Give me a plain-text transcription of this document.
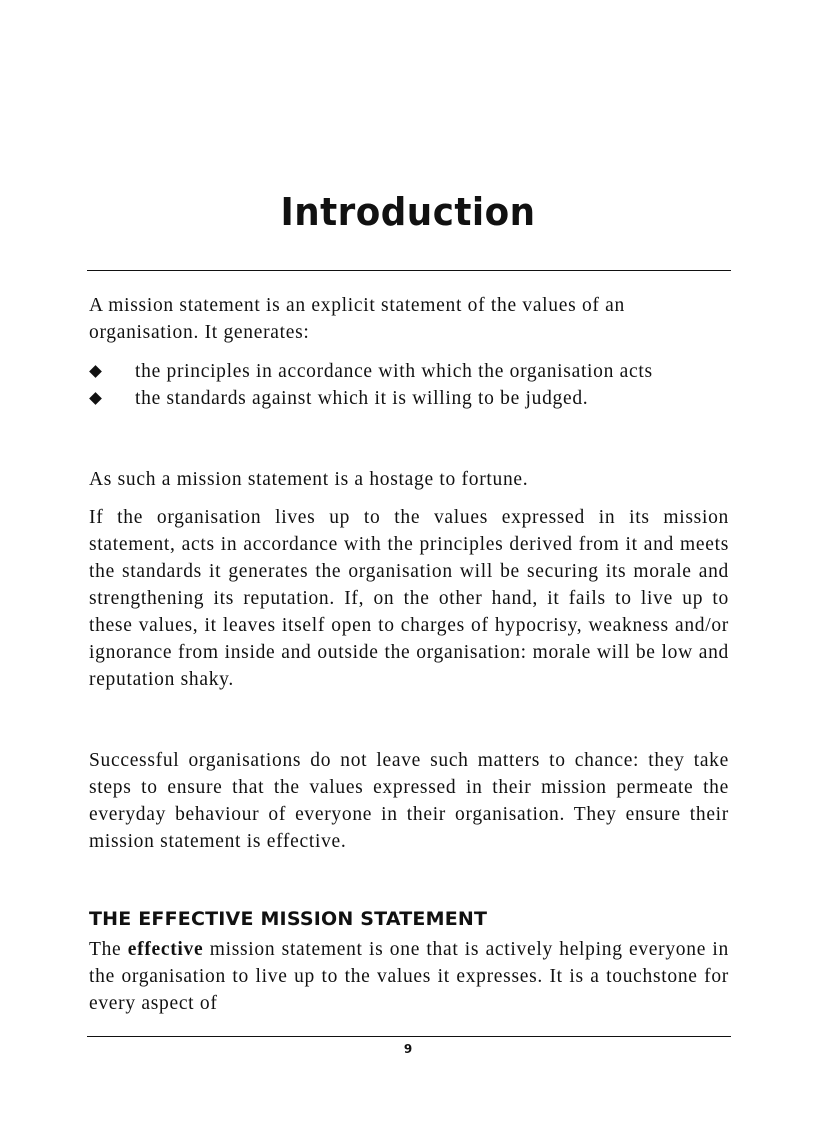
Introduction

A mission statement is an explicit statement of the values of an organisation. It generates:

the principles in accordance with which the organisation acts
the standards against which it is willing to be judged.

As such a mission statement is a hostage to fortune.

If the organisation lives up to the values expressed in its mission statement, acts in accordance with the principles derived from it and meets the standards it generates the organisation will be securing its morale and strengthening its reputation. If, on the other hand, it fails to live up to these values, it leaves itself open to charges of hypocrisy, weakness and/or ignorance from inside and outside the organisation: morale will be low and reputation shaky.

Successful organisations do not leave such matters to chance: they take steps to ensure that the values expressed in their mission permeate the everyday behaviour of everyone in their organisation. They ensure their mission statement is effective.

THE EFFECTIVE MISSION STATEMENT

The effective mission statement is one that is actively helping everyone in the organisation to live up to the values it expresses. It is a touchstone for every aspect of

9
